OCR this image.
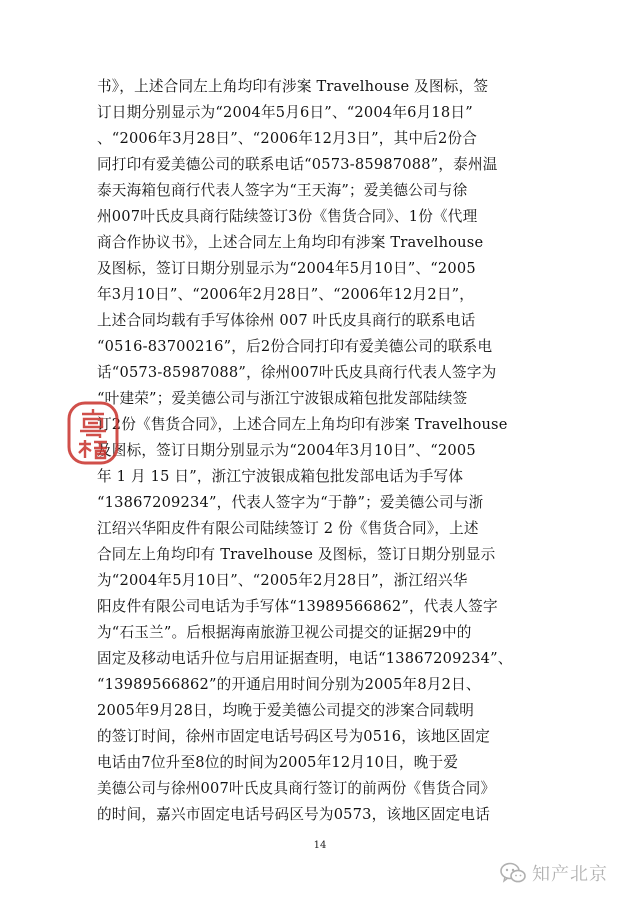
书》，上述合同左上角均印有涉案 Travelhouse 及图标，签
订日期分别显示为“2004年5月6日”、“2004年6月18日”
、“2006年3月28日”、“2006年12月3日”，其中后2份合
同打印有爱美德公司的联系电话“0573-85987088”，泰州温
泰天海箱包商行代表人签字为“王天海”；爱美德公司与徐
州007叶氏皮具商行陆续签订3份《售货合同》、1份《代理
商合作协议书》，上述合同左上角均印有涉案 Travelhouse
及图标，签订日期分别显示为“2004年5月10日”、“2005
年3月10日”、“2006年2月28日”、“2006年12月2日”，
上述合同均载有手写体徐州 007 叶氏皮具商行的联系电话
“0516-83700216”，后2份合同打印有爱美德公司的联系电
话“0573-85987088”，徐州007叶氏皮具商行代表人签字为
“叶建荣”；爱美德公司与浙江宁波银成箱包批发部陆续签
订2份《售货合同》，上述合同左上角均印有涉案 Travelhouse
及图标，签订日期分别显示为“2004年3月10日”、“2005
年 1 月 15 日”，浙江宁波银成箱包批发部电话为手写体
“13867209234”，代表人签字为“于静”；爱美德公司与浙
江绍兴华阳皮件有限公司陆续签订 2 份《售货合同》，上述
合同左上角均印有 Travelhouse 及图标，签订日期分别显示
为“2004年5月10日”、“2005年2月28日”，浙江绍兴华
阳皮件有限公司电话为手写体“13989566862”，代表人签字
为“石玉兰”。后根据海南旅游卫视公司提交的证据29中的
固定及移动电话升位与启用证据查明，电话“13867209234”、
“13989566862”的开通启用时间分别为2005年8月2日、
2005年9月28日，均晚于爱美德公司提交的涉案合同载明
的签订时间，徐州市固定电话号码区号为0516，该地区固定
电话由7位升至8位的时间为2005年12月10日，晚于爱
美德公司与徐州007叶氏皮具商行签订的前两份《售货合同》
的时间，嘉兴市固定电话号码区号为0573，该地区固定电话
14
知产北京
